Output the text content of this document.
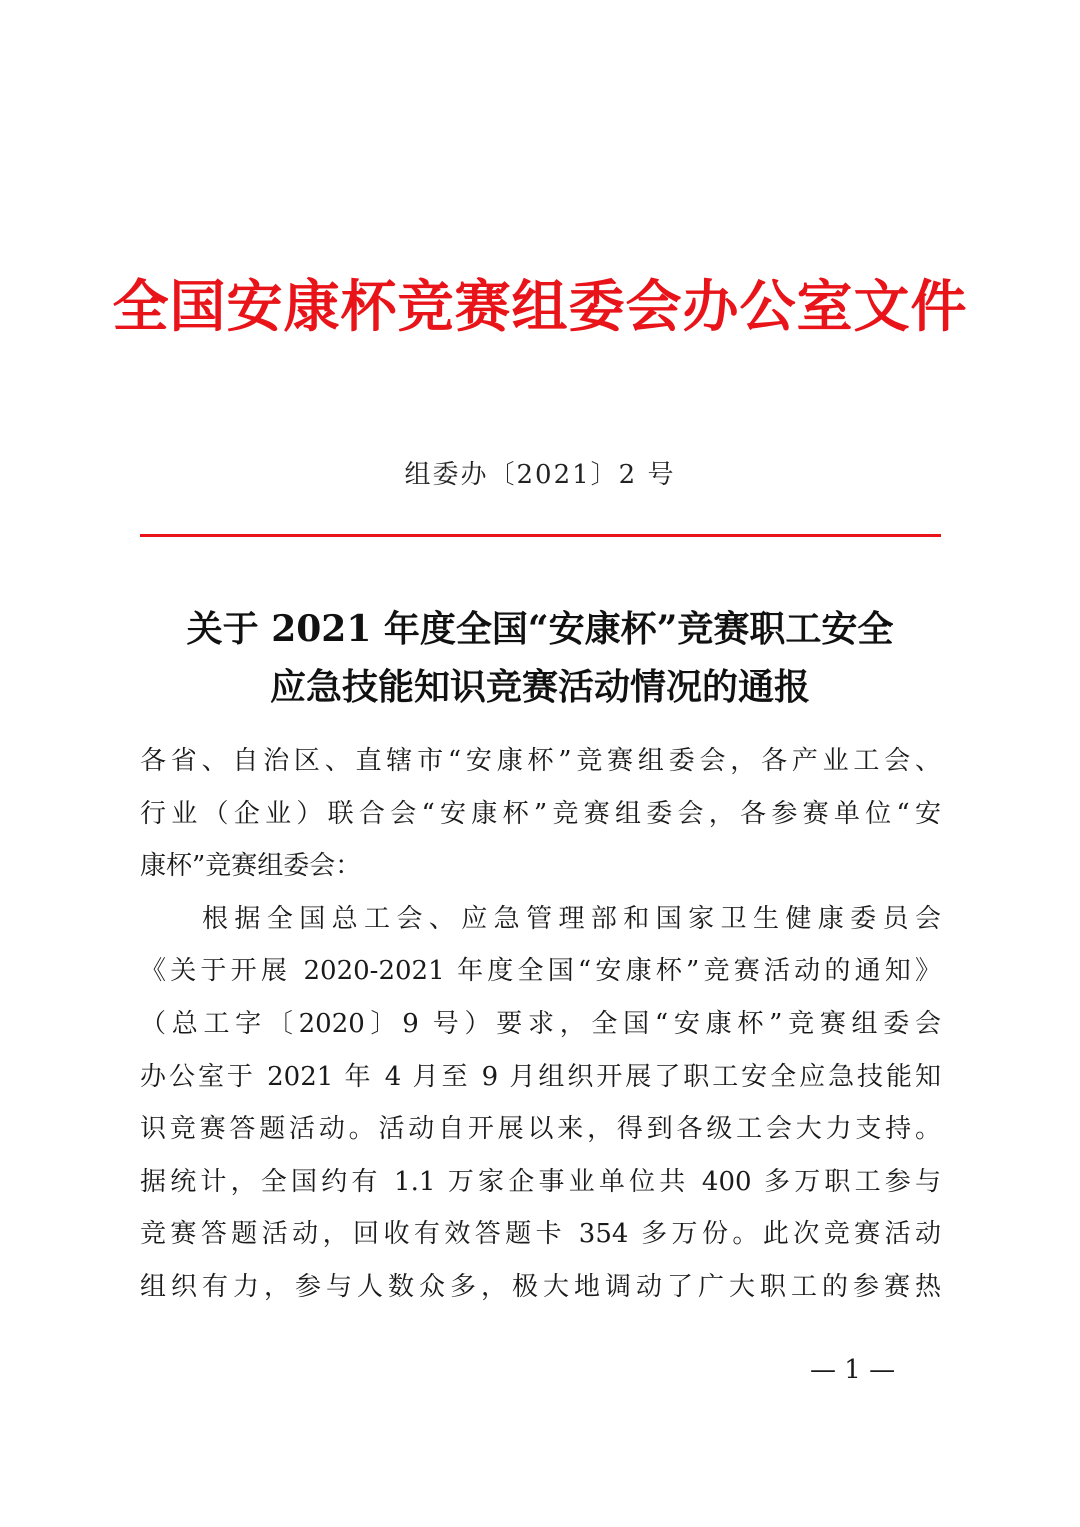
全国安康杯竞赛组委会办公室文件
组委办〔2021〕2 号
关于 2021 年度全国“安康杯”竞赛职工安全
应急技能知识竞赛活动情况的通报
各省、自治区、直辖市“安康杯”竞赛组委会，各产业工会、
行业（企业）联合会“安康杯”竞赛组委会，各参赛单位“安
康杯”竞赛组委会：
根据全国总工会、应急管理部和国家卫生健康委员会
《关于开展 2020-2021 年度全国“安康杯”竞赛活动的通知》
（总工字〔2020〕9 号）要求，全国“安康杯”竞赛组委会
办公室于 2021 年 4 月至 9 月组织开展了职工安全应急技能知
识竞赛答题活动。活动自开展以来，得到各级工会大力支持。
据统计，全国约有 1.1 万家企事业单位共 400 多万职工参与
竞赛答题活动，回收有效答题卡 354 多万份。此次竞赛活动
组织有力，参与人数众多，极大地调动了广大职工的参赛热
— 1 —
